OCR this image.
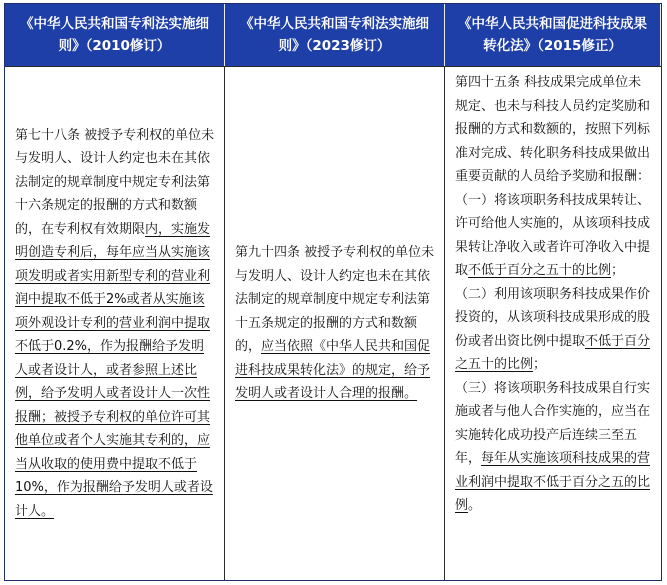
《中华人民共和国专利法实施细则》（2010修订）
《中华人民共和国专利法实施细则》（2023修订）
《中华人民共和国促进科技成果转化法》（2015修正）

第七十八条 被授予专利权的单位未与发明人、设计人约定也未在其依法制定的规章制度中规定专利法第十六条规定的报酬的方式和数额的，在专利权有效期限内，实施发明创造专利后，每年应当从实施该项发明或者实用新型专利的营业利润中提取不低于2%或者从实施该项外观设计专利的营业利润中提取不低于0.2%，作为报酬给予发明人或者设计人，或者参照上述比例，给予发明人或者设计人一次性报酬；被授予专利权的单位许可其他单位或者个人实施其专利的，应当从收取的使用费中提取不低于10%，作为报酬给予发明人或者设计人。

第九十四条 被授予专利权的单位未与发明人、设计人约定也未在其依法制定的规章制度中规定专利法第十五条规定的报酬的方式和数额的，应当依照《中华人民共和国促进科技成果转化法》的规定，给予发明人或者设计人合理的报酬。

第四十五条 科技成果完成单位未规定、也未与科技人员约定奖励和报酬的方式和数额的，按照下列标准对完成、转化职务科技成果做出重要贡献的人员给予奖励和报酬：

（一）将该项职务科技成果转让、许可给他人实施的，从该项科技成果转让净收入或者许可净收入中提取不低于百分之五十的比例；

（二）利用该项职务科技成果作价投资的，从该项科技成果形成的股份或者出资比例中提取不低于百分之五十的比例；

（三）将该项职务科技成果自行实施或者与他人合作实施的，应当在实施转化成功投产后连续三至五年，每年从实施该项科技成果的营业利润中提取不低于百分之五的比例。
